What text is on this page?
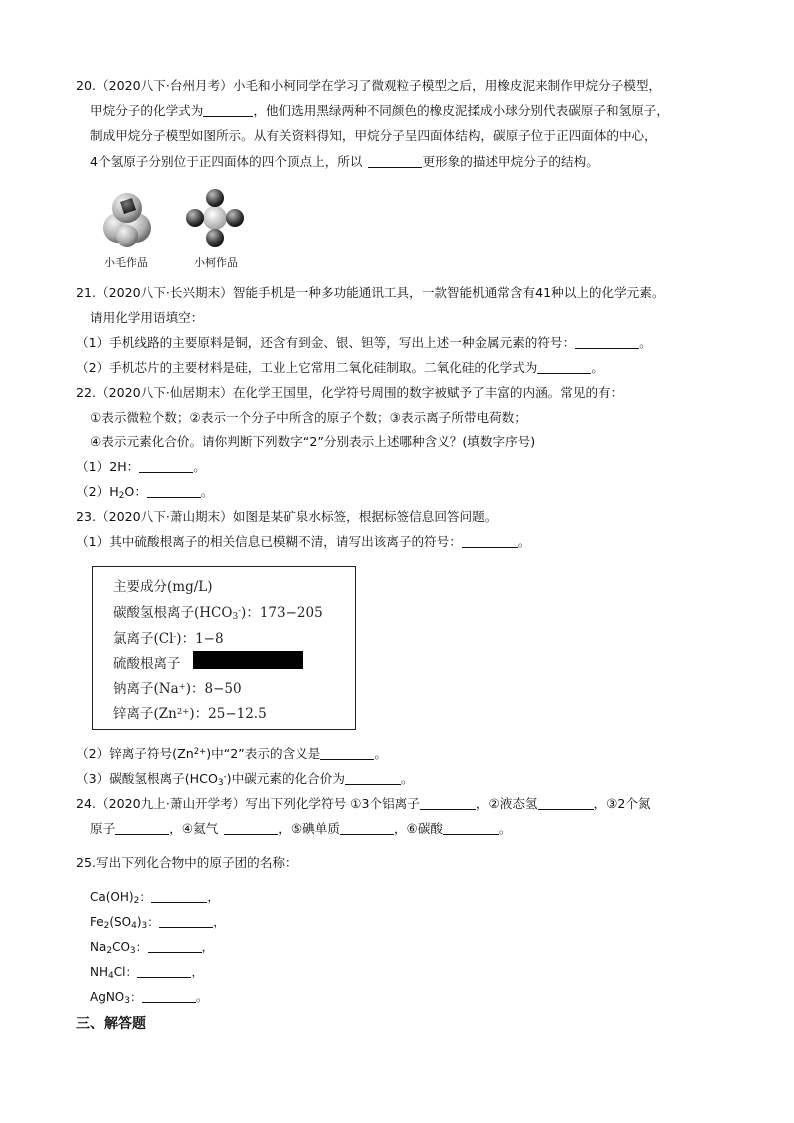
20.（2020八下·台州月考）小毛和小柯同学在学习了微观粒子模型之后，用橡皮泥来制作甲烷分子模型，
甲烷分子的化学式为	，他们选用黑绿两种不同颜色的橡皮泥揉成小球分别代表碳原子和氢原子，
制成甲烷分子模型如图所示。从有关资料得知，甲烷分子呈四面体结构，碳原子位于正四面体的中心，
4个氢原子分别位于正四面体的四个顶点上，所以	更形象的描述甲烷分子的结构。
小毛作品	小柯作品
21.（2020八下·长兴期末）智能手机是一种多功能通讯工具，一款智能机通常含有41种以上的化学元素。
请用化学用语填空：
（1）手机线路的主要原料是铜，还含有到金、银、钽等，写出上述一种金属元素的符号：	。
（2）手机芯片的主要材料是硅，工业上它常用二氧化硅制取。二氧化硅的化学式为	。
22.（2020八下·仙居期末）在化学王国里，化学符号周围的数字被赋予了丰富的内涵。常见的有：
①表示微粒个数；②表示一个分子中所含的原子个数；③表示离子所带电荷数；
④表示元素化合价。请你判断下列数字“2”分别表示上述哪种含义？(填数字序号)
（1）2H：	。
$(2)H_2O$：	。
23.（2020八下·萧山期末）如图是某矿泉水标签，根据标签信息回答问题。
（1）其中硫酸根离子的相关信息已模糊不清，请写出该离子的符号：	。
主要成分(mg/L)
碳酸氢根离子$(HCO_3^-)$：173−205
氯离子(Cl-)：1−8
硫酸根离子
钠离子(Na+)：8−50
锌离子$(Zn^{2+})$：25−12.5
（2）锌离子符号$(Zn^{2+})$中“2”表示的含义是	。
（3）碳酸氢根离子$(HCO_3^-)$中碳元素的化合价为	。
24.（2020九上·萧山开学考）写出下列化学符号 ①3个铝离子	，②液态氢	，③2个氮
原子	，④氦气	，⑤碘单质	，⑥碳酸	。
25.写出下列化合物中的原子团的名称：
$Ca(OH)_2$：	，
$Fe_2(SO_4)_3$：	，
$Na_2CO_3$：	，
$NH_4Cl$：	，
AgNO$_3$：	。
三、解答题
